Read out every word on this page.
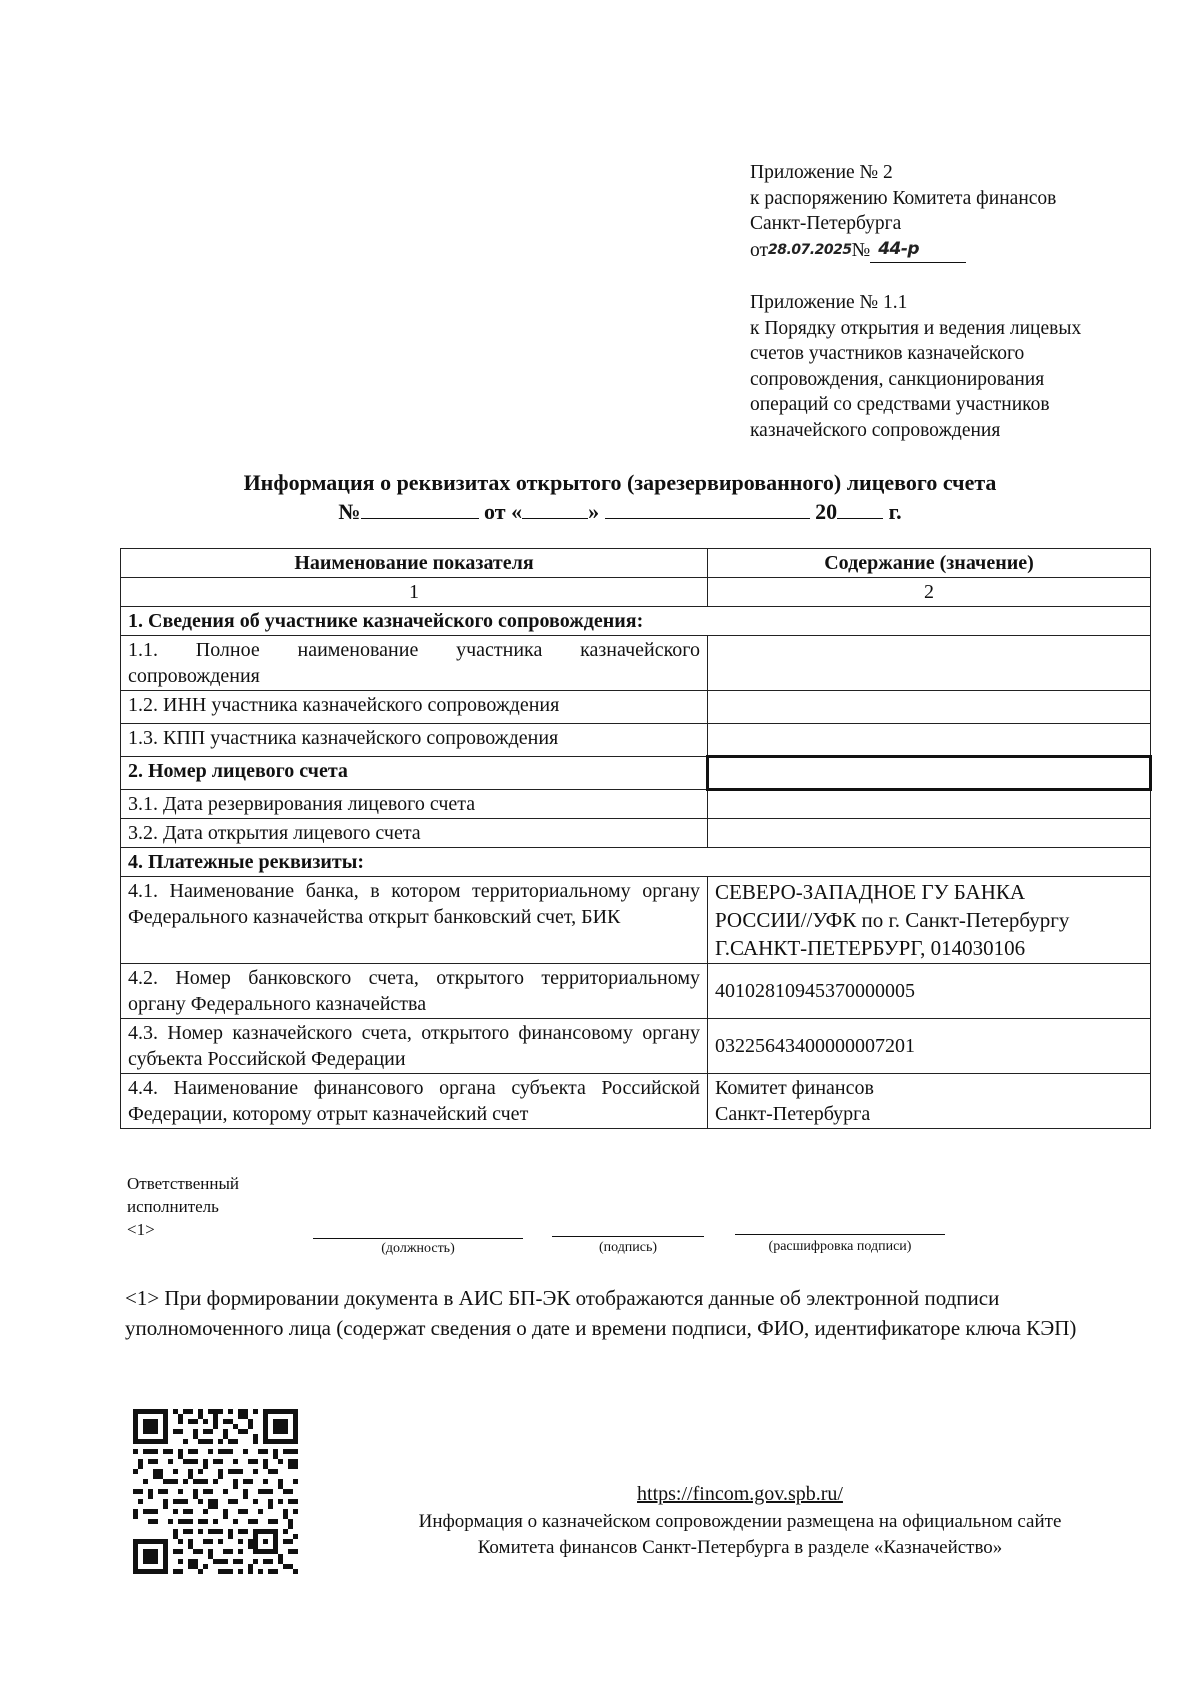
Приложение № 2
к распоряжению Комитета финансов
Санкт-Петербурга
от 28.07.2025 № 44-р
Приложение № 1.1
к Порядку открытия и ведения лицевых
счетов участников казначейского
сопровождения, санкционирования
операций со средствами участников
казначейского сопровождения
Информация о реквизитах открытого (зарезервированного) лицевого счета
№	от «	»	20 г.
Наименование показателя	Содержание (значение)
1	2
1. Сведения об участнике казначейского сопровождения:	
1.1. Полное наименование участника казначейского сопровождения	
1.2. ИНН участника казначейского сопровождения	
1.3. КПП участника казначейского сопровождения	
2. Номер лицевого счета	
3.1. Дата резервирования лицевого счета	
3.2. Дата открытия лицевого счета	
4. Платежные реквизиты:	
4.1. Наименование банка, в котором территориальному органу Федерального казначейства открыт банковский счет, БИК	СЕВЕРО-ЗАПАДНОЕ ГУ БАНКА
РОССИИ//УФК по г. Санкт-Петербургу
Г.САНКТ-ПЕТЕРБУРГ, 014030106

4.2. Номер банковского счета, открытого территориальному органу Федерального казначейства	40102810945370000005
4.3. Номер казначейского счета, открытого финансовому органу субъекта Российской Федерации	03225643400000007201
4.4. Наименование финансового органа субъекта Российской Федерации, которому отрыт казначейский счет	Комитет финансов
Санкт-Петербурга
Ответственный
исполнитель
<1>
(должность)	(подпись)	(расшифровка подписи)
<1> При формировании документа в АИС БП-ЭК отображаются данные об электронной подписи уполномоченного лица (содержат сведения о дате и времени подписи, ФИО, идентификаторе ключа КЭП)
https://fincom.gov.spb.ru/
Информация о казначейском сопровождении размещена на официальном сайте
Комитета финансов Санкт-Петербурга в разделе «Казначейство»
